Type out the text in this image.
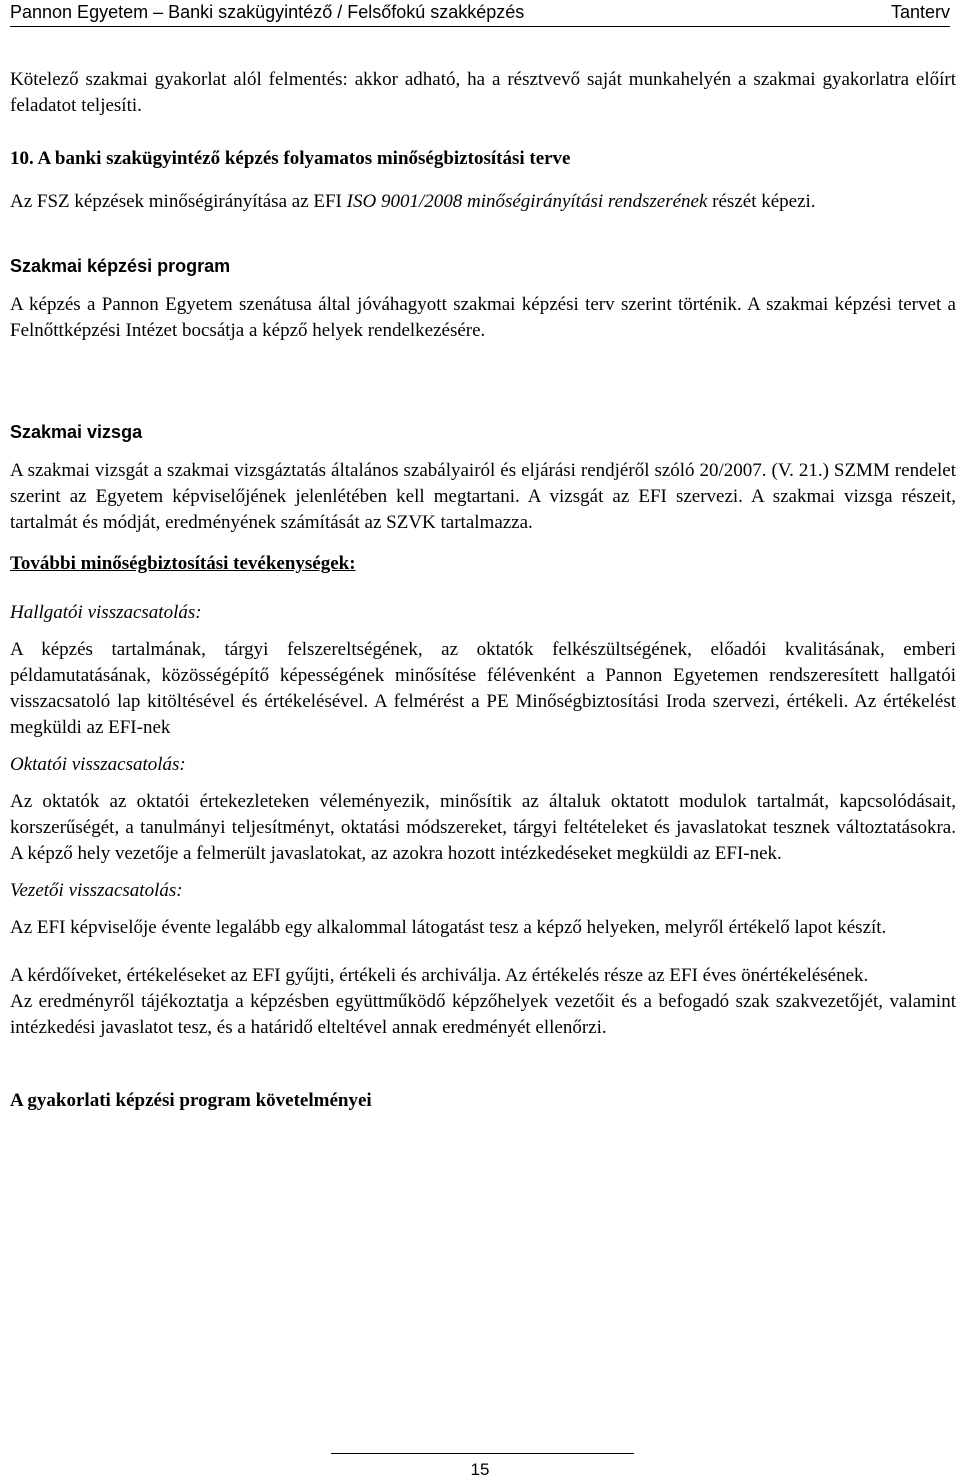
Pannon Egyetem – Banki szakügyintéző / Felsőfokú szakképzés	Tanterv

Kötelező szakmai gyakorlat alól felmentés: akkor adható, ha a résztvevő saját munkahelyén a szakmai gyakorlatra előírt feladatot teljesíti.

10. A banki szakügyintéző képzés folyamatos minőségbiztosítási terve

Az FSZ képzések minőségirányítása az EFI ISO 9001/2008 minőségirányítási rendszerének részét képezi.

Szakmai képzési program

A képzés a Pannon Egyetem szenátusa által jóváhagyott szakmai képzési terv szerint történik. A szakmai képzési tervet a Felnőttképzési Intézet bocsátja a képző helyek rendelkezésére.

Szakmai vizsga

A szakmai vizsgát a szakmai vizsgáztatás általános szabályairól és eljárási rendjéről szóló 20/2007. (V. 21.) SZMM rendelet szerint az Egyetem képviselőjének jelenlétében kell megtartani. A vizsgát az EFI szervezi. A szakmai vizsga részeit, tartalmát és módját, eredményének számítását az SZVK tartalmazza.

További minőségbiztosítási tevékenységek:

Hallgatói visszacsatolás:

A képzés tartalmának, tárgyi felszereltségének, az oktatók felkészültségének, előadói kvalitásának, emberi példamutatásának, közösségépítő képességének minősítése félévenként a Pannon Egyetemen rendszeresített hallgatói visszacsatoló lap kitöltésével és értékelésével. A felmérést a PE Minőségbiztosítási Iroda szervezi, értékeli. Az értékelést megküldi az EFI-nek

Oktatói visszacsatolás:

Az oktatók az oktatói értekezleteken véleményezik, minősítik az általuk oktatott modulok tartalmát, kapcsolódásait, korszerűségét, a tanulmányi teljesítményt, oktatási módszereket, tárgyi feltételeket és javaslatokat tesznek változtatásokra. A képző hely vezetője a felmerült javaslatokat, az azokra hozott intézkedéseket megküldi az EFI-nek.

Vezetői visszacsatolás:

Az EFI képviselője évente legalább egy alkalommal látogatást tesz a képző helyeken, melyről értékelő lapot készít.

A kérdőíveket, értékeléseket az EFI gyűjti, értékeli és archiválja. Az értékelés része az EFI éves önértékelésének.

Az eredményről tájékoztatja a képzésben együttműködő képzőhelyek vezetőit és a befogadó szak szakvezetőjét, valamint intézkedési javaslatot tesz, és a határidő elteltével annak eredményét ellenőrzi.

A gyakorlati képzési program követelményei

15
